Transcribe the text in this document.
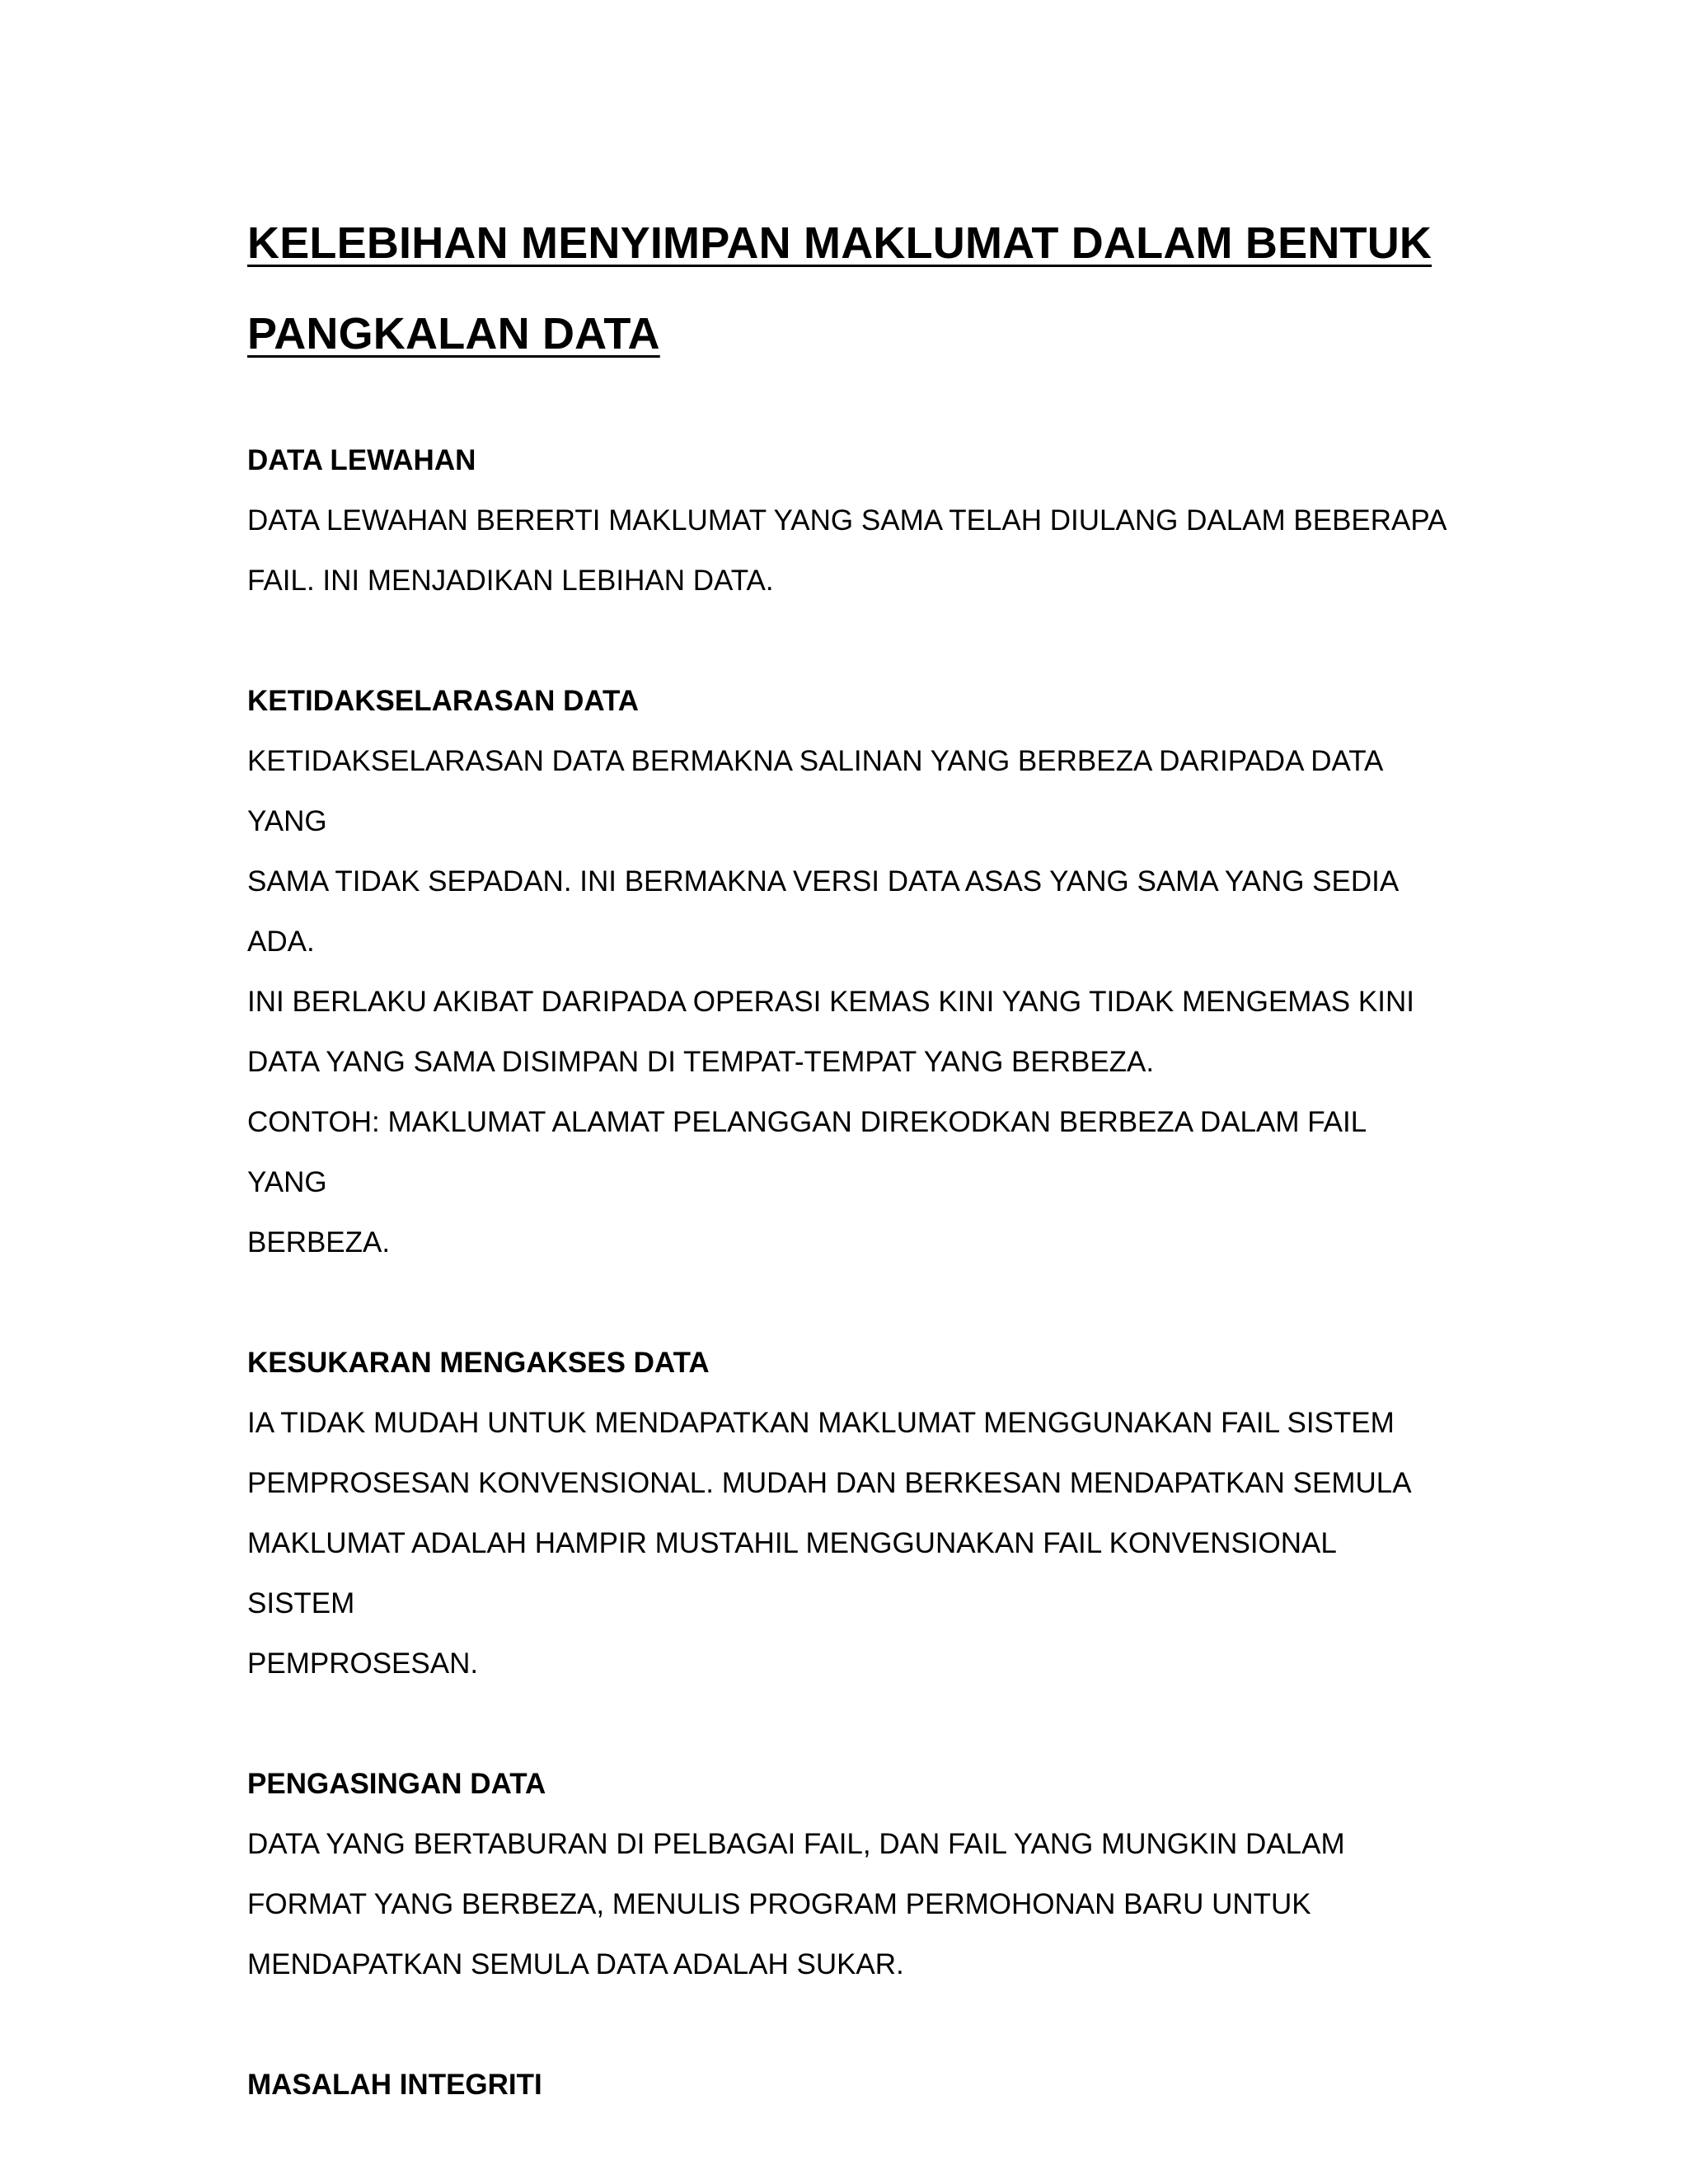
KELEBIHAN MENYIMPAN MAKLUMAT DALAM BENTUK
PANGKALAN DATA

DATA LEWAHAN

DATA LEWAHAN BERERTI MAKLUMAT YANG SAMA TELAH DIULANG DALAM BEBERAPA

FAIL. INI MENJADIKAN LEBIHAN DATA.

KETIDAKSELARASAN DATA

KETIDAKSELARASAN DATA BERMAKNA SALINAN YANG BERBEZA DARIPADA DATA YANG

SAMA TIDAK SEPADAN. INI BERMAKNA VERSI DATA ASAS YANG SAMA YANG SEDIA ADA.

INI BERLAKU AKIBAT DARIPADA OPERASI KEMAS KINI YANG TIDAK MENGEMAS KINI

DATA YANG SAMA DISIMPAN DI TEMPAT-TEMPAT YANG BERBEZA.

CONTOH: MAKLUMAT ALAMAT PELANGGAN DIREKODKAN BERBEZA DALAM FAIL YANG

BERBEZA.

KESUKARAN MENGAKSES DATA

IA TIDAK MUDAH UNTUK MENDAPATKAN MAKLUMAT MENGGUNAKAN FAIL SISTEM

PEMPROSESAN KONVENSIONAL. MUDAH DAN BERKESAN MENDAPATKAN SEMULA

MAKLUMAT ADALAH HAMPIR MUSTAHIL MENGGUNAKAN FAIL KONVENSIONAL SISTEM

PEMPROSESAN.

PENGASINGAN DATA

DATA YANG BERTABURAN DI PELBAGAI FAIL, DAN FAIL YANG MUNGKIN DALAM

FORMAT YANG BERBEZA, MENULIS PROGRAM PERMOHONAN BARU UNTUK

MENDAPATKAN SEMULA DATA ADALAH SUKAR.

MASALAH INTEGRITI
